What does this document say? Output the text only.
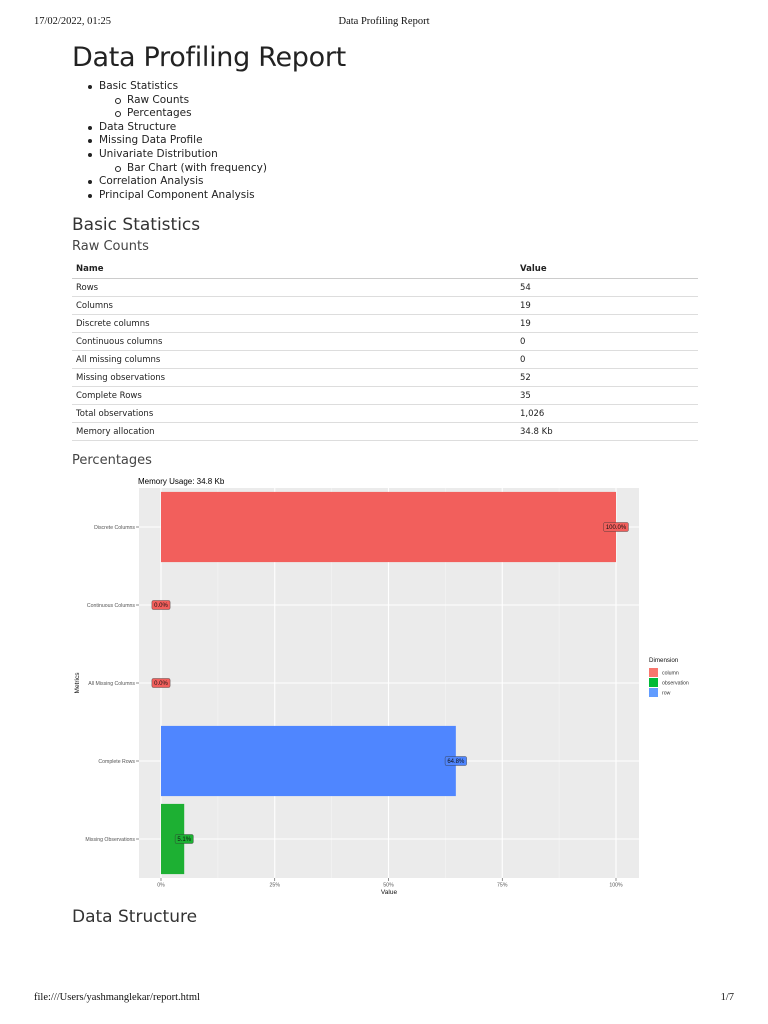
17/02/2022, 01:25	Data Profiling Report
Data Profiling Report
Basic Statistics
Raw Counts
Percentages
Data Structure
Missing Data Profile
Univariate Distribution
Bar Chart (with frequency)
Correlation Analysis
Principal Component Analysis
Basic Statistics
Raw Counts
Name	Value
Rows	54
Columns	19
Discrete columns	19
Continuous columns	0
All missing columns	0
Missing observations	52
Complete Rows	35
Total observations	1,026
Memory allocation	34.8 Kb
Percentages
Memory Usage: 34.8 Kb
0%	25%	50%	75%	100%
Discrete Columns
Continuous Columns
All Missing Columns
Complete Rows
Missing Observations
100.0%
0.0%
0.0%
64.8%
5.1%
Value
Metrics
Dimension
column
observation
row
Data Structure
file:///Users/yashmanglekar/report.html	1/7
